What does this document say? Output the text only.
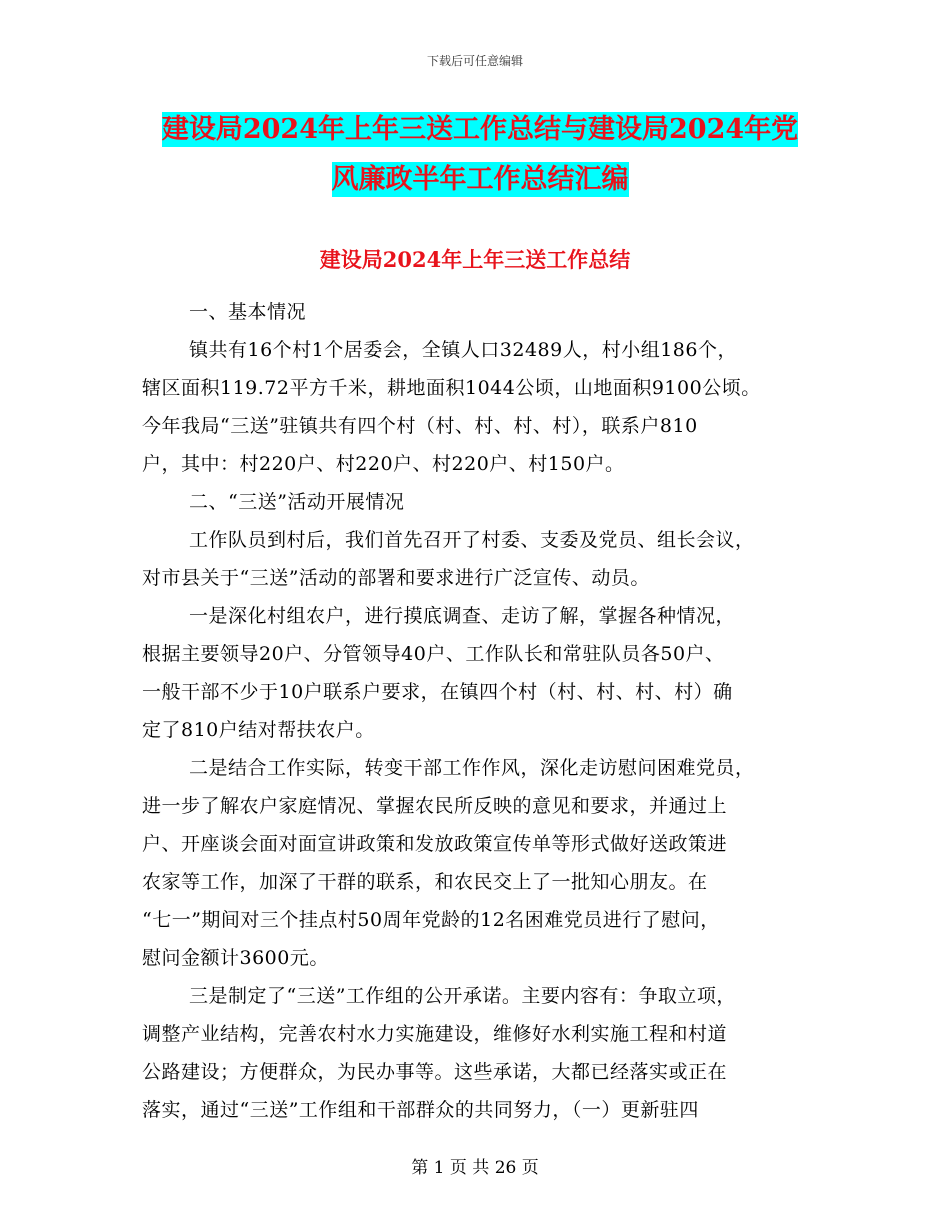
下载后可任意编辑
建设局2024年上年三送工作总结与建设局2024年党
风廉政半年工作总结汇编
建设局2024年上年三送工作总结
一、基本情况
镇共有16个村1个居委会，全镇人口32489人，村小组186个，
辖区面积119.72平方千米，耕地面积1044公顷，山地面积9100公顷。
今年我局“三送”驻镇共有四个村（村、村、村、村），联系户810
户，其中：村220户、村220户、村220户、村150户。
二、“三送”活动开展情况
工作队员到村后，我们首先召开了村委、支委及党员、组长会议，
对市县关于“三送”活动的部署和要求进行广泛宣传、动员。
一是深化村组农户，进行摸底调查、走访了解，掌握各种情况，
根据主要领导20户、分管领导40户、工作队长和常驻队员各50户、
一般干部不少于10户联系户要求，在镇四个村（村、村、村、村）确
定了810户结对帮扶农户。
二是结合工作实际，转变干部工作作风，深化走访慰问困难党员，
进一步了解农户家庭情况、掌握农民所反映的意见和要求，并通过上
户、开座谈会面对面宣讲政策和发放政策宣传单等形式做好送政策进
农家等工作，加深了干群的联系，和农民交上了一批知心朋友。在
“七一”期间对三个挂点村50周年党龄的12名困难党员进行了慰问，
慰问金额计3600元。
三是制定了“三送”工作组的公开承诺。主要内容有：争取立项，
调整产业结构，完善农村水力实施建设，维修好水利实施工程和村道
公路建设；方便群众，为民办事等。这些承诺，大都已经落实或正在
落实，通过“三送”工作组和干部群众的共同努力，（一）更新驻四
第 1 页 共 26 页
